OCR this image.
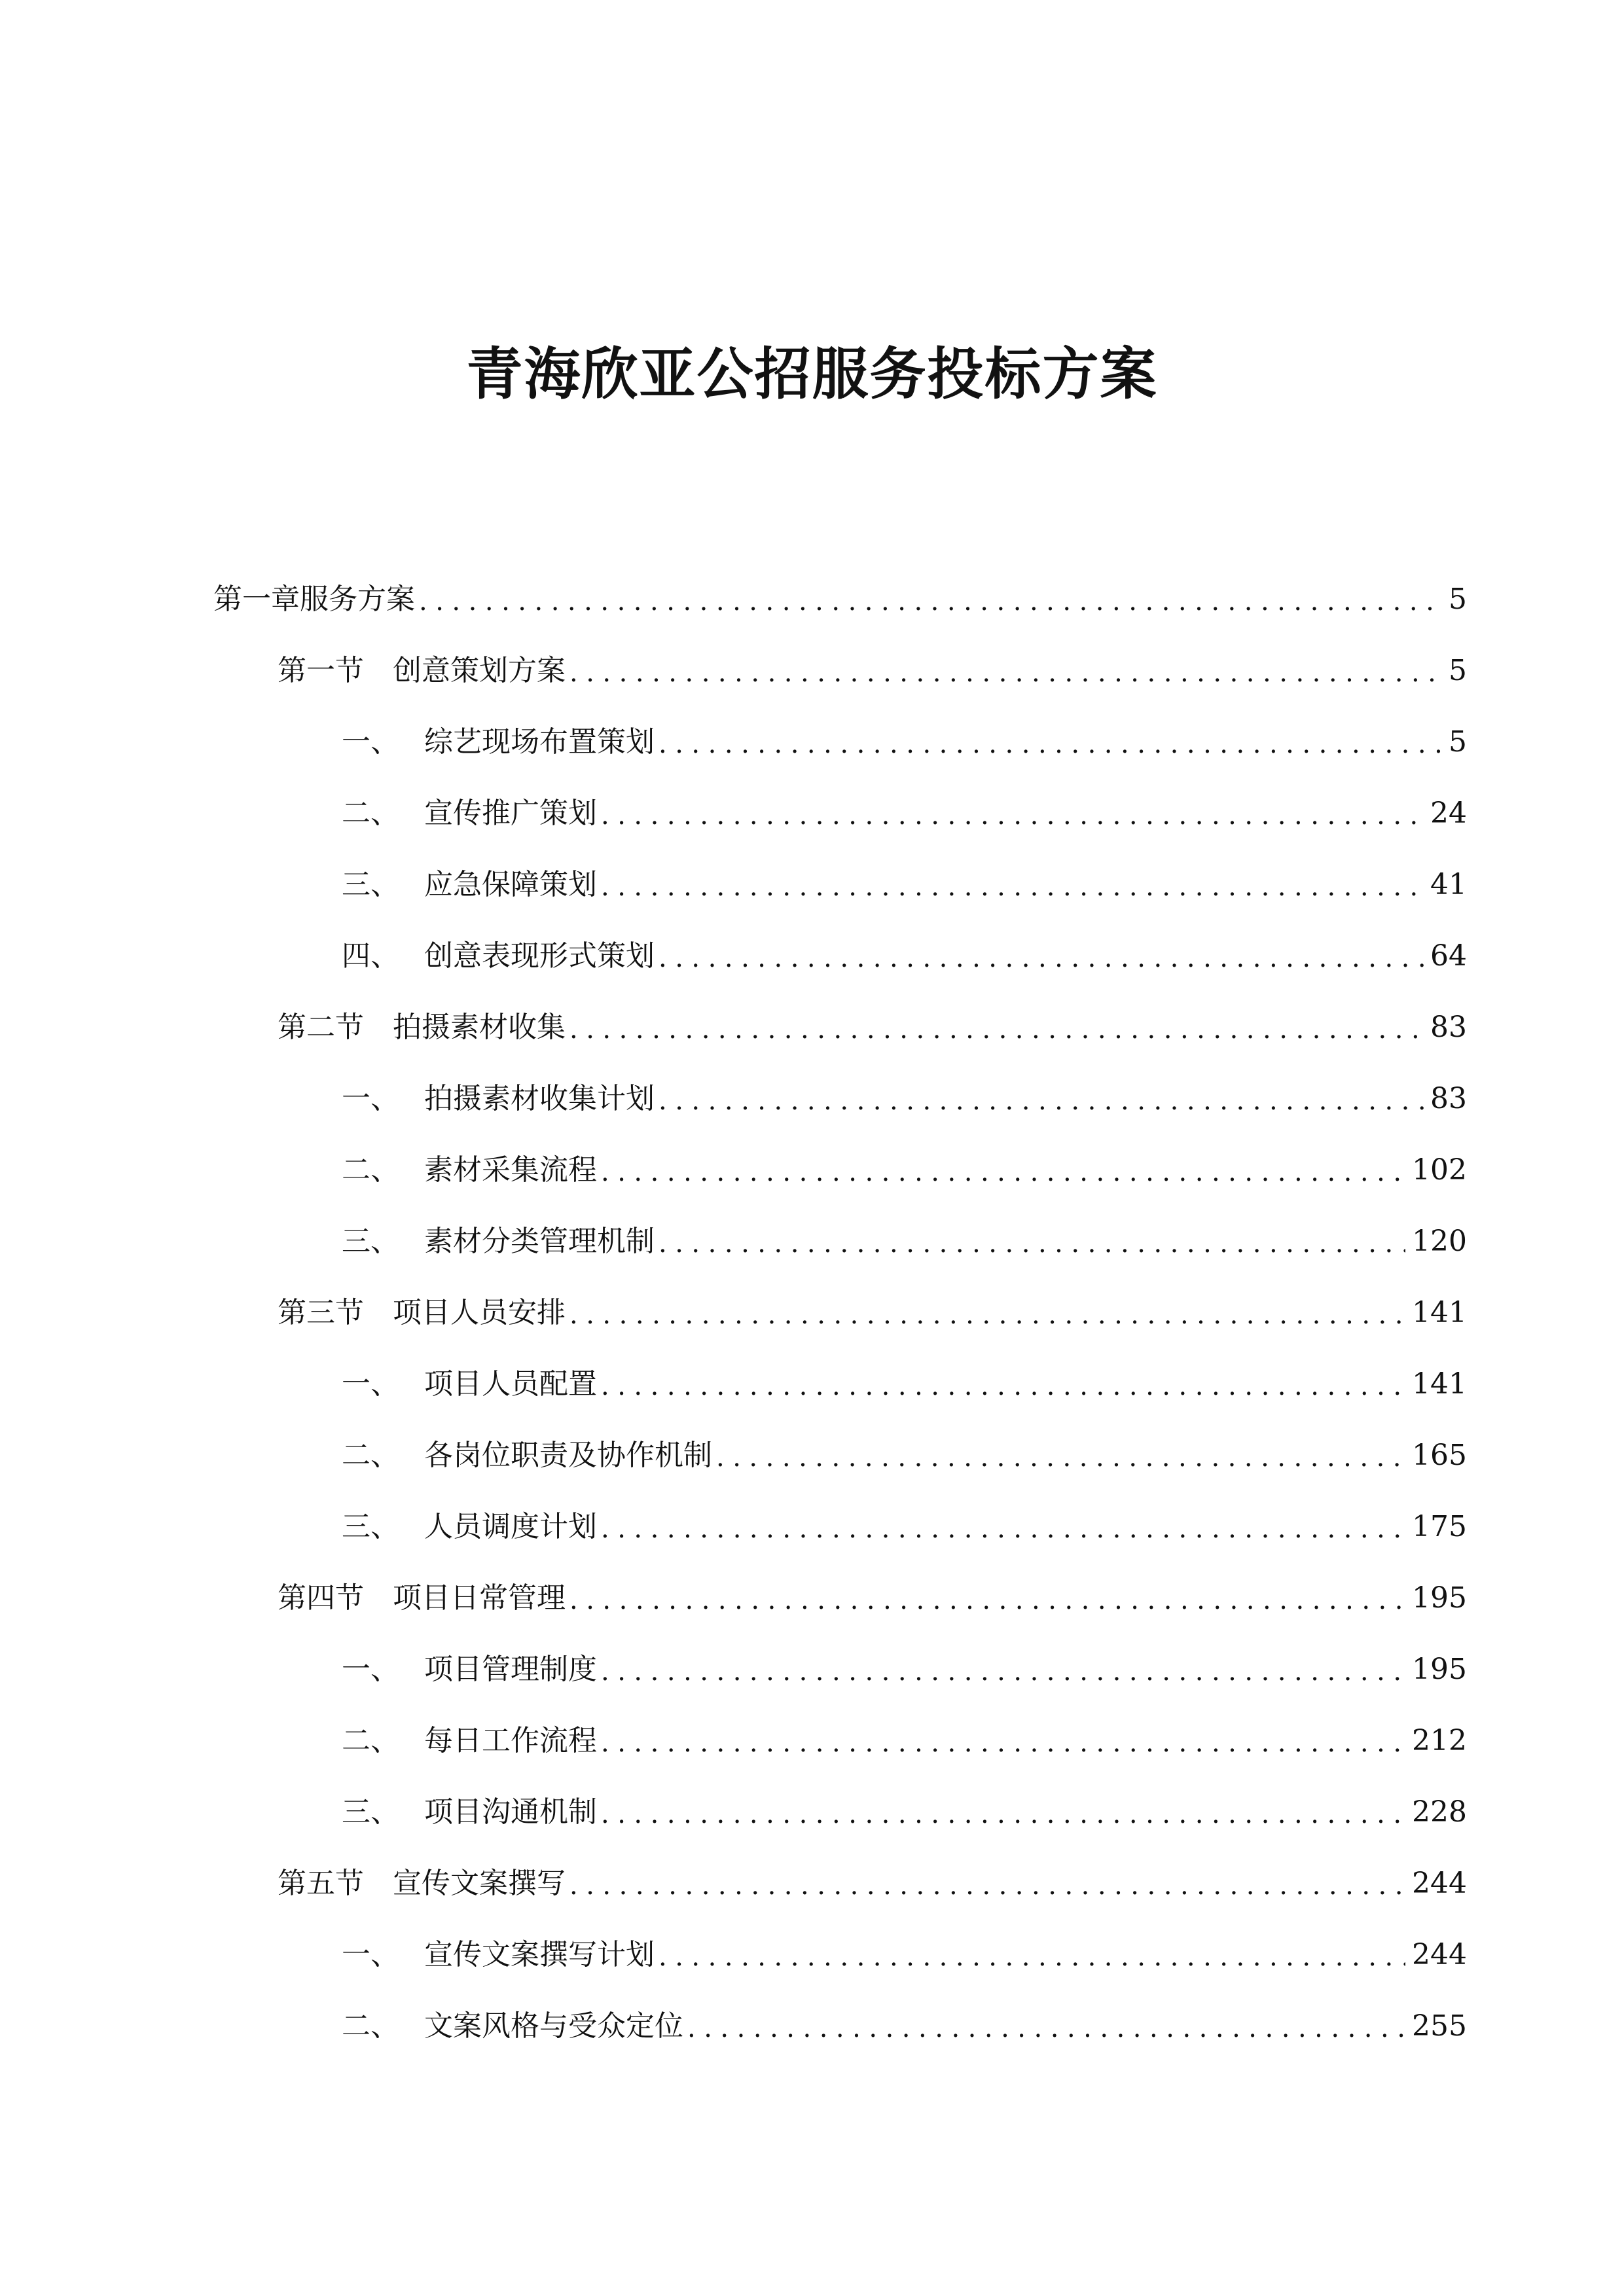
青海欣亚公招服务投标方案
第一章 服务方案 .....	5
第一节	创意策划方案 .....	5
一、 综艺现场布置策划 .....	5
二、 宣传推广策划 .....	24
三、 应急保障策划 .....	41
四、 创意表现形式策划 .....	64
第二节	拍摄素材收集 .....	83
一、 拍摄素材收集计划 .....	83
二、 素材采集流程 .....	102
三、 素材分类管理机制 .....	120
第三节	项目人员安排 .....	141
一、 项目人员配置 .....	141
二、 各岗位职责及协作机制 .....	165
三、 人员调度计划 .....	175
第四节	项目日常管理 .....	195
一、 项目管理制度 .....	195
二、 每日工作流程 .....	212
三、 项目沟通机制 .....	228
第五节	宣传文案撰写 .....	244
一、 宣传文案撰写计划 .....	244
二、 文案风格与受众定位 .....	255
